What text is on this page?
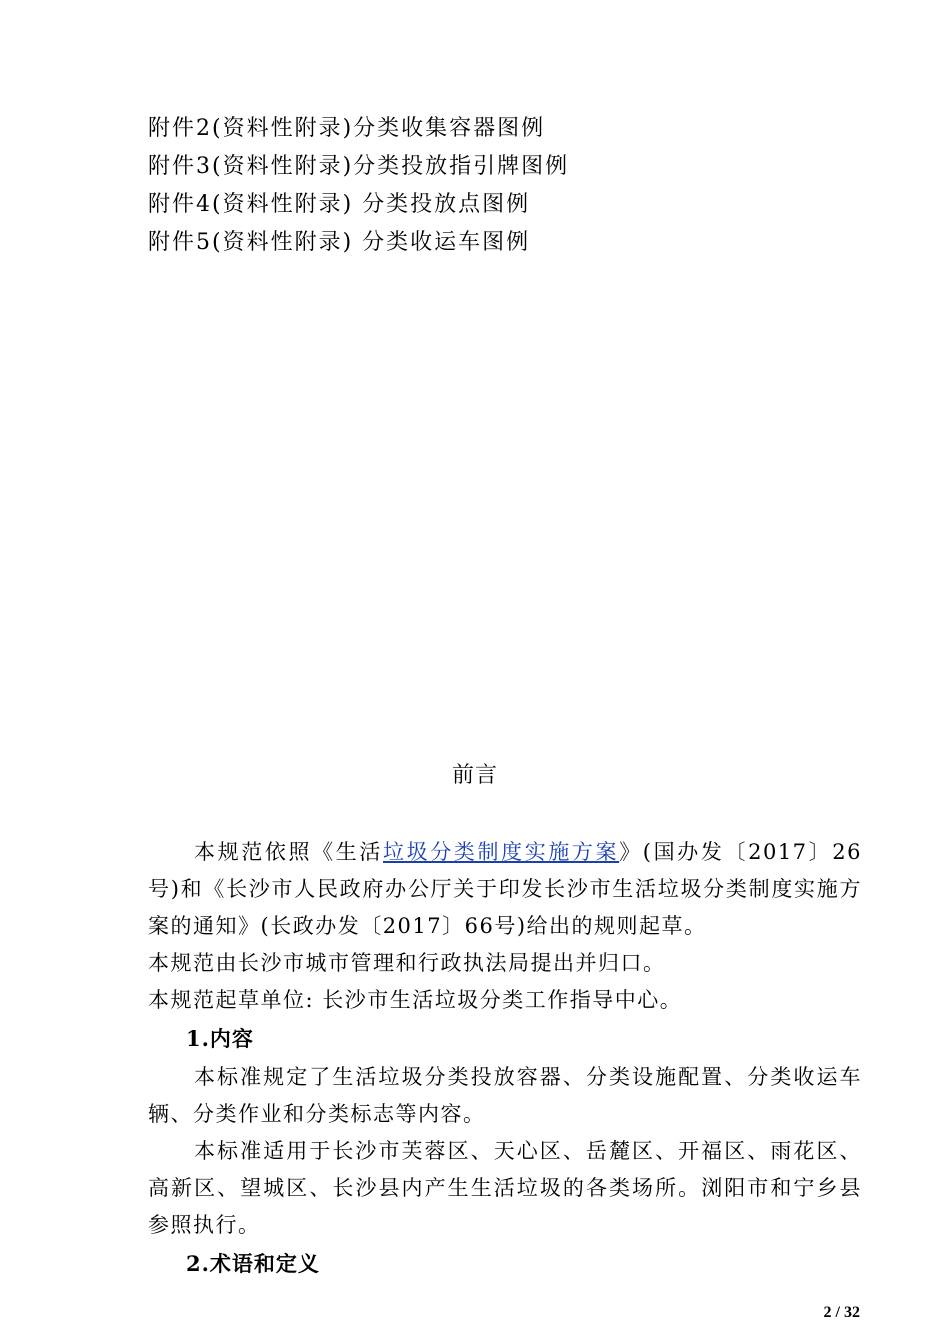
附件2(资料性附录)分类收集容器图例
附件3(资料性附录)分类投放指引牌图例
附件4(资料性附录) 分类投放点图例
附件5(资料性附录) 分类收运车图例
前言

本规范依照《生活垃圾分类制度实施方案》(国办发〔2017〕26号)和《长沙市人民政府办公厅关于印发长沙市生活垃圾分类制度实施方案的通知》(长政办发〔2017〕66号)给出的规则起草。

本规范由长沙市城市管理和行政执法局提出并归口。

本规范起草单位: 长沙市生活垃圾分类工作指导中心。

1.内容

本标准规定了生活垃圾分类投放容器、分类设施配置、分类收运车辆、分类作业和分类标志等内容。

本标准适用于长沙市芙蓉区、天心区、岳麓区、开福区、雨花区、高新区、望城区、长沙县内产生生活垃圾的各类场所。浏阳市和宁乡县参照执行。

2.术语和定义

2 / 32
